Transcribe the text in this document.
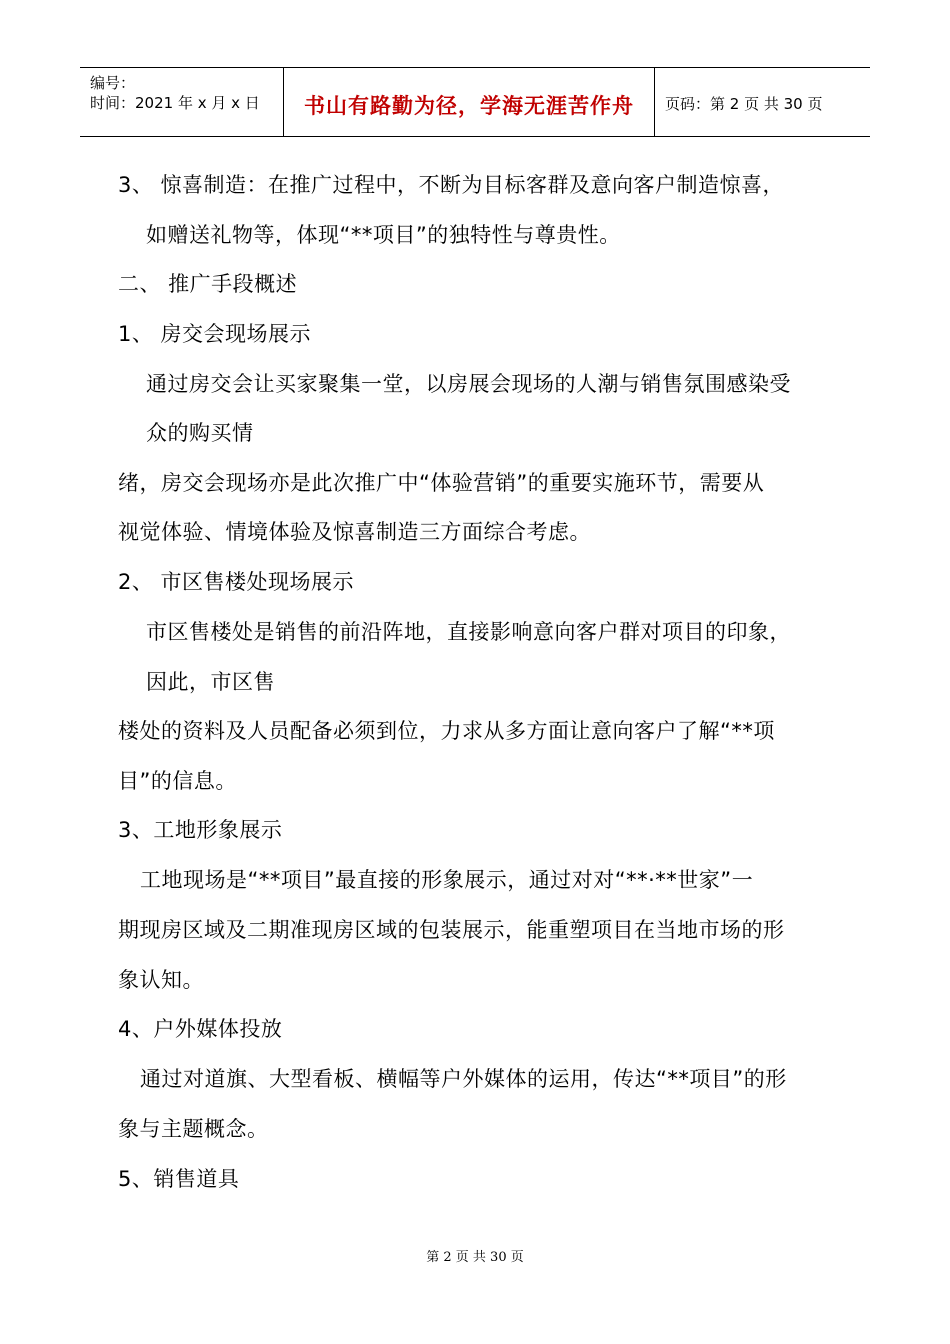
编号：
时间：2021 年 x 月 x 日	书山有路勤为径，学海无涯苦作舟	页码：第 2 页 共 30 页
3、 惊喜制造：在推广过程中，不断为目标客群及意向客户制造惊喜，
如赠送礼物等，体现“**项目”的独特性与尊贵性。
二、 推广手段概述
1、 房交会现场展示
通过房交会让买家聚集一堂，以房展会现场的人潮与销售氛围感染受
众的购买情
绪，房交会现场亦是此次推广中“体验营销”的重要实施环节，需要从
视觉体验、情境体验及惊喜制造三方面综合考虑。
2、 市区售楼处现场展示
市区售楼处是销售的前沿阵地，直接影响意向客户群对项目的印象，
因此，市区售
楼处的资料及人员配备必须到位，力求从多方面让意向客户了解“**项
目”的信息。
3、工地形象展示
工地现场是“**项目”最直接的形象展示，通过对对“**·**世家”一
期现房区域及二期准现房区域的包装展示，能重塑项目在当地市场的形
象认知。
4、户外媒体投放
通过对道旗、大型看板、横幅等户外媒体的运用，传达“**项目”的形
象与主题概念。
5、销售道具
第 2 页 共 30 页
